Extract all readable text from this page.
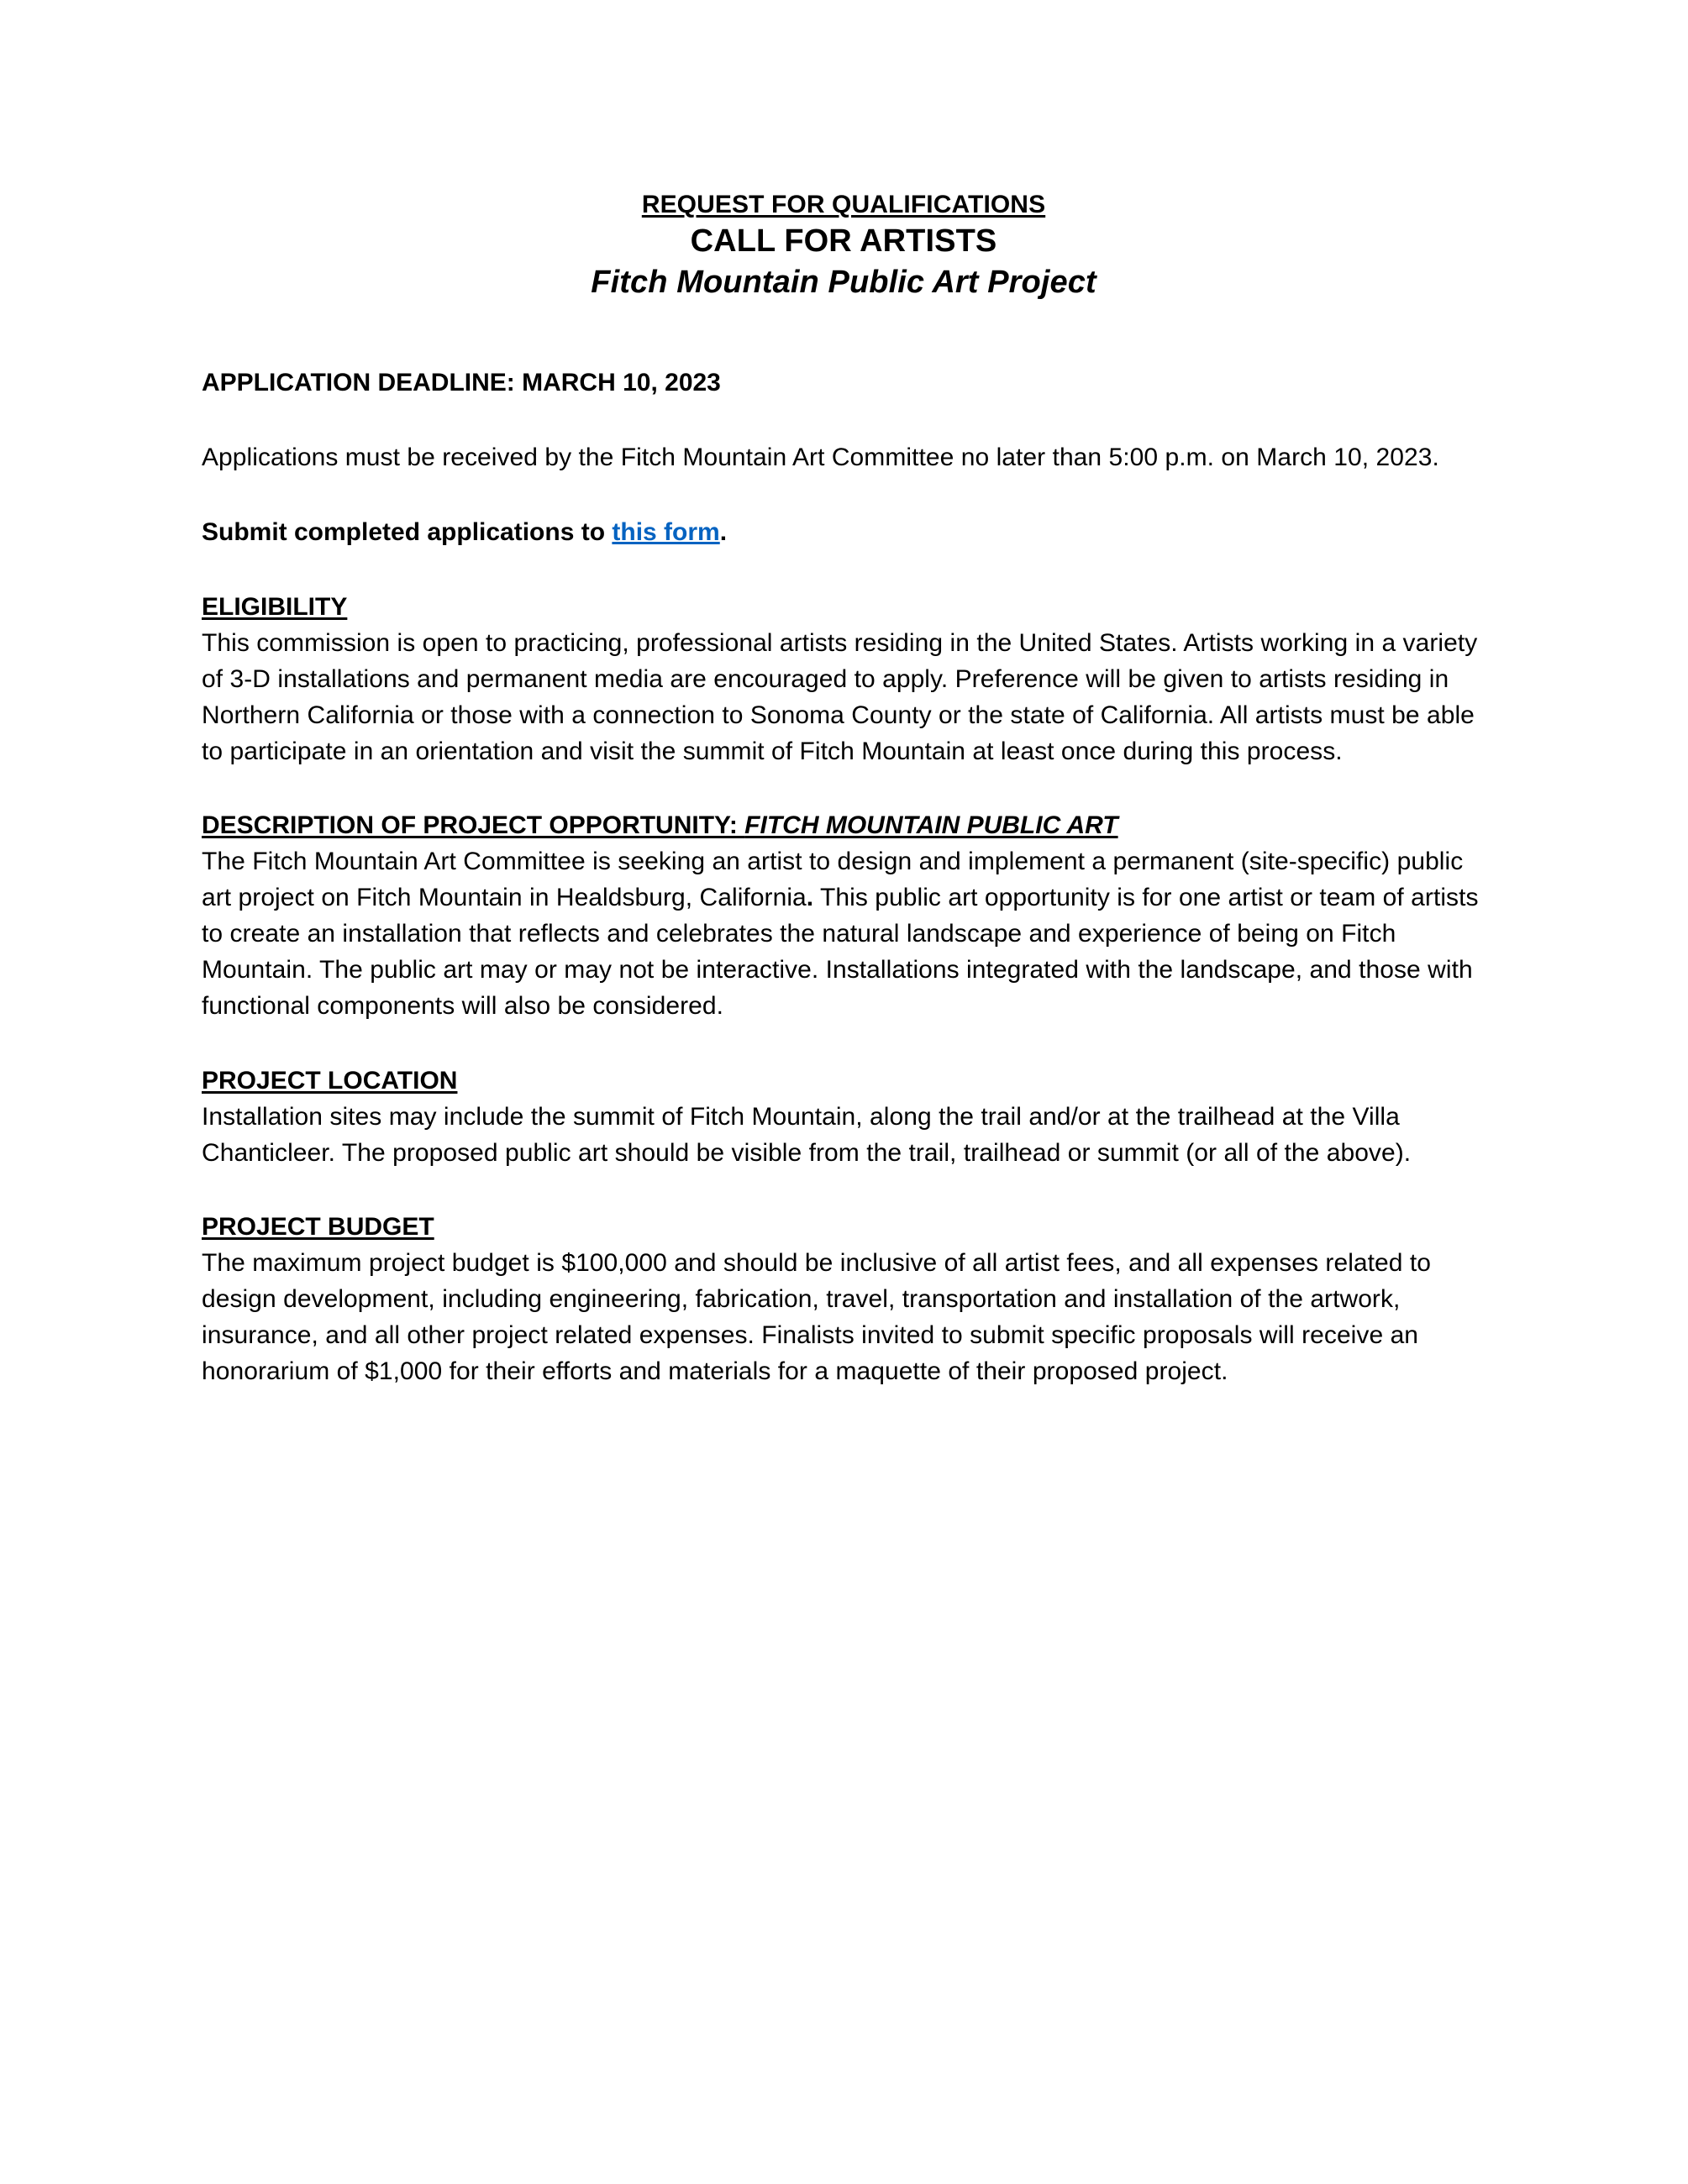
REQUEST FOR QUALIFICATIONS
CALL FOR ARTISTS
Fitch Mountain Public Art Project
APPLICATION DEADLINE: MARCH 10, 2023

Applications must be received by the Fitch Mountain Art Committee no later than 5:00 p.m. on March 10, 2023.

Submit completed applications to this form.
ELIGIBILITY

This commission is open to practicing, professional artists residing in the United States. Artists working in a variety of 3-D installations and permanent media are encouraged to apply. Preference will be given to artists residing in Northern California or those with a connection to Sonoma County or the state of California. All artists must be able to participate in an orientation and visit the summit of Fitch Mountain at least once during this process.

DESCRIPTION OF PROJECT OPPORTUNITY: FITCH MOUNTAIN PUBLIC ART

The Fitch Mountain Art Committee is seeking an artist to design and implement a permanent (site-specific) public art project on Fitch Mountain in Healdsburg, California. This public art opportunity is for one artist or team of artists to create an installation that reflects and celebrates the natural landscape and experience of being on Fitch Mountain. The public art may or may not be interactive. Installations integrated with the landscape, and those with functional components will also be considered.

PROJECT LOCATION

Installation sites may include the summit of Fitch Mountain, along the trail and/or at the trailhead at the Villa Chanticleer. The proposed public art should be visible from the trail, trailhead or summit (or all of the above).

PROJECT BUDGET

The maximum project budget is $100,000 and should be inclusive of all artist fees, and all expenses related to design development, including engineering, fabrication, travel, transportation and installation of the artwork, insurance, and all other project related expenses. Finalists invited to submit specific proposals will receive an honorarium of $1,000 for their efforts and materials for a maquette of their proposed project.
